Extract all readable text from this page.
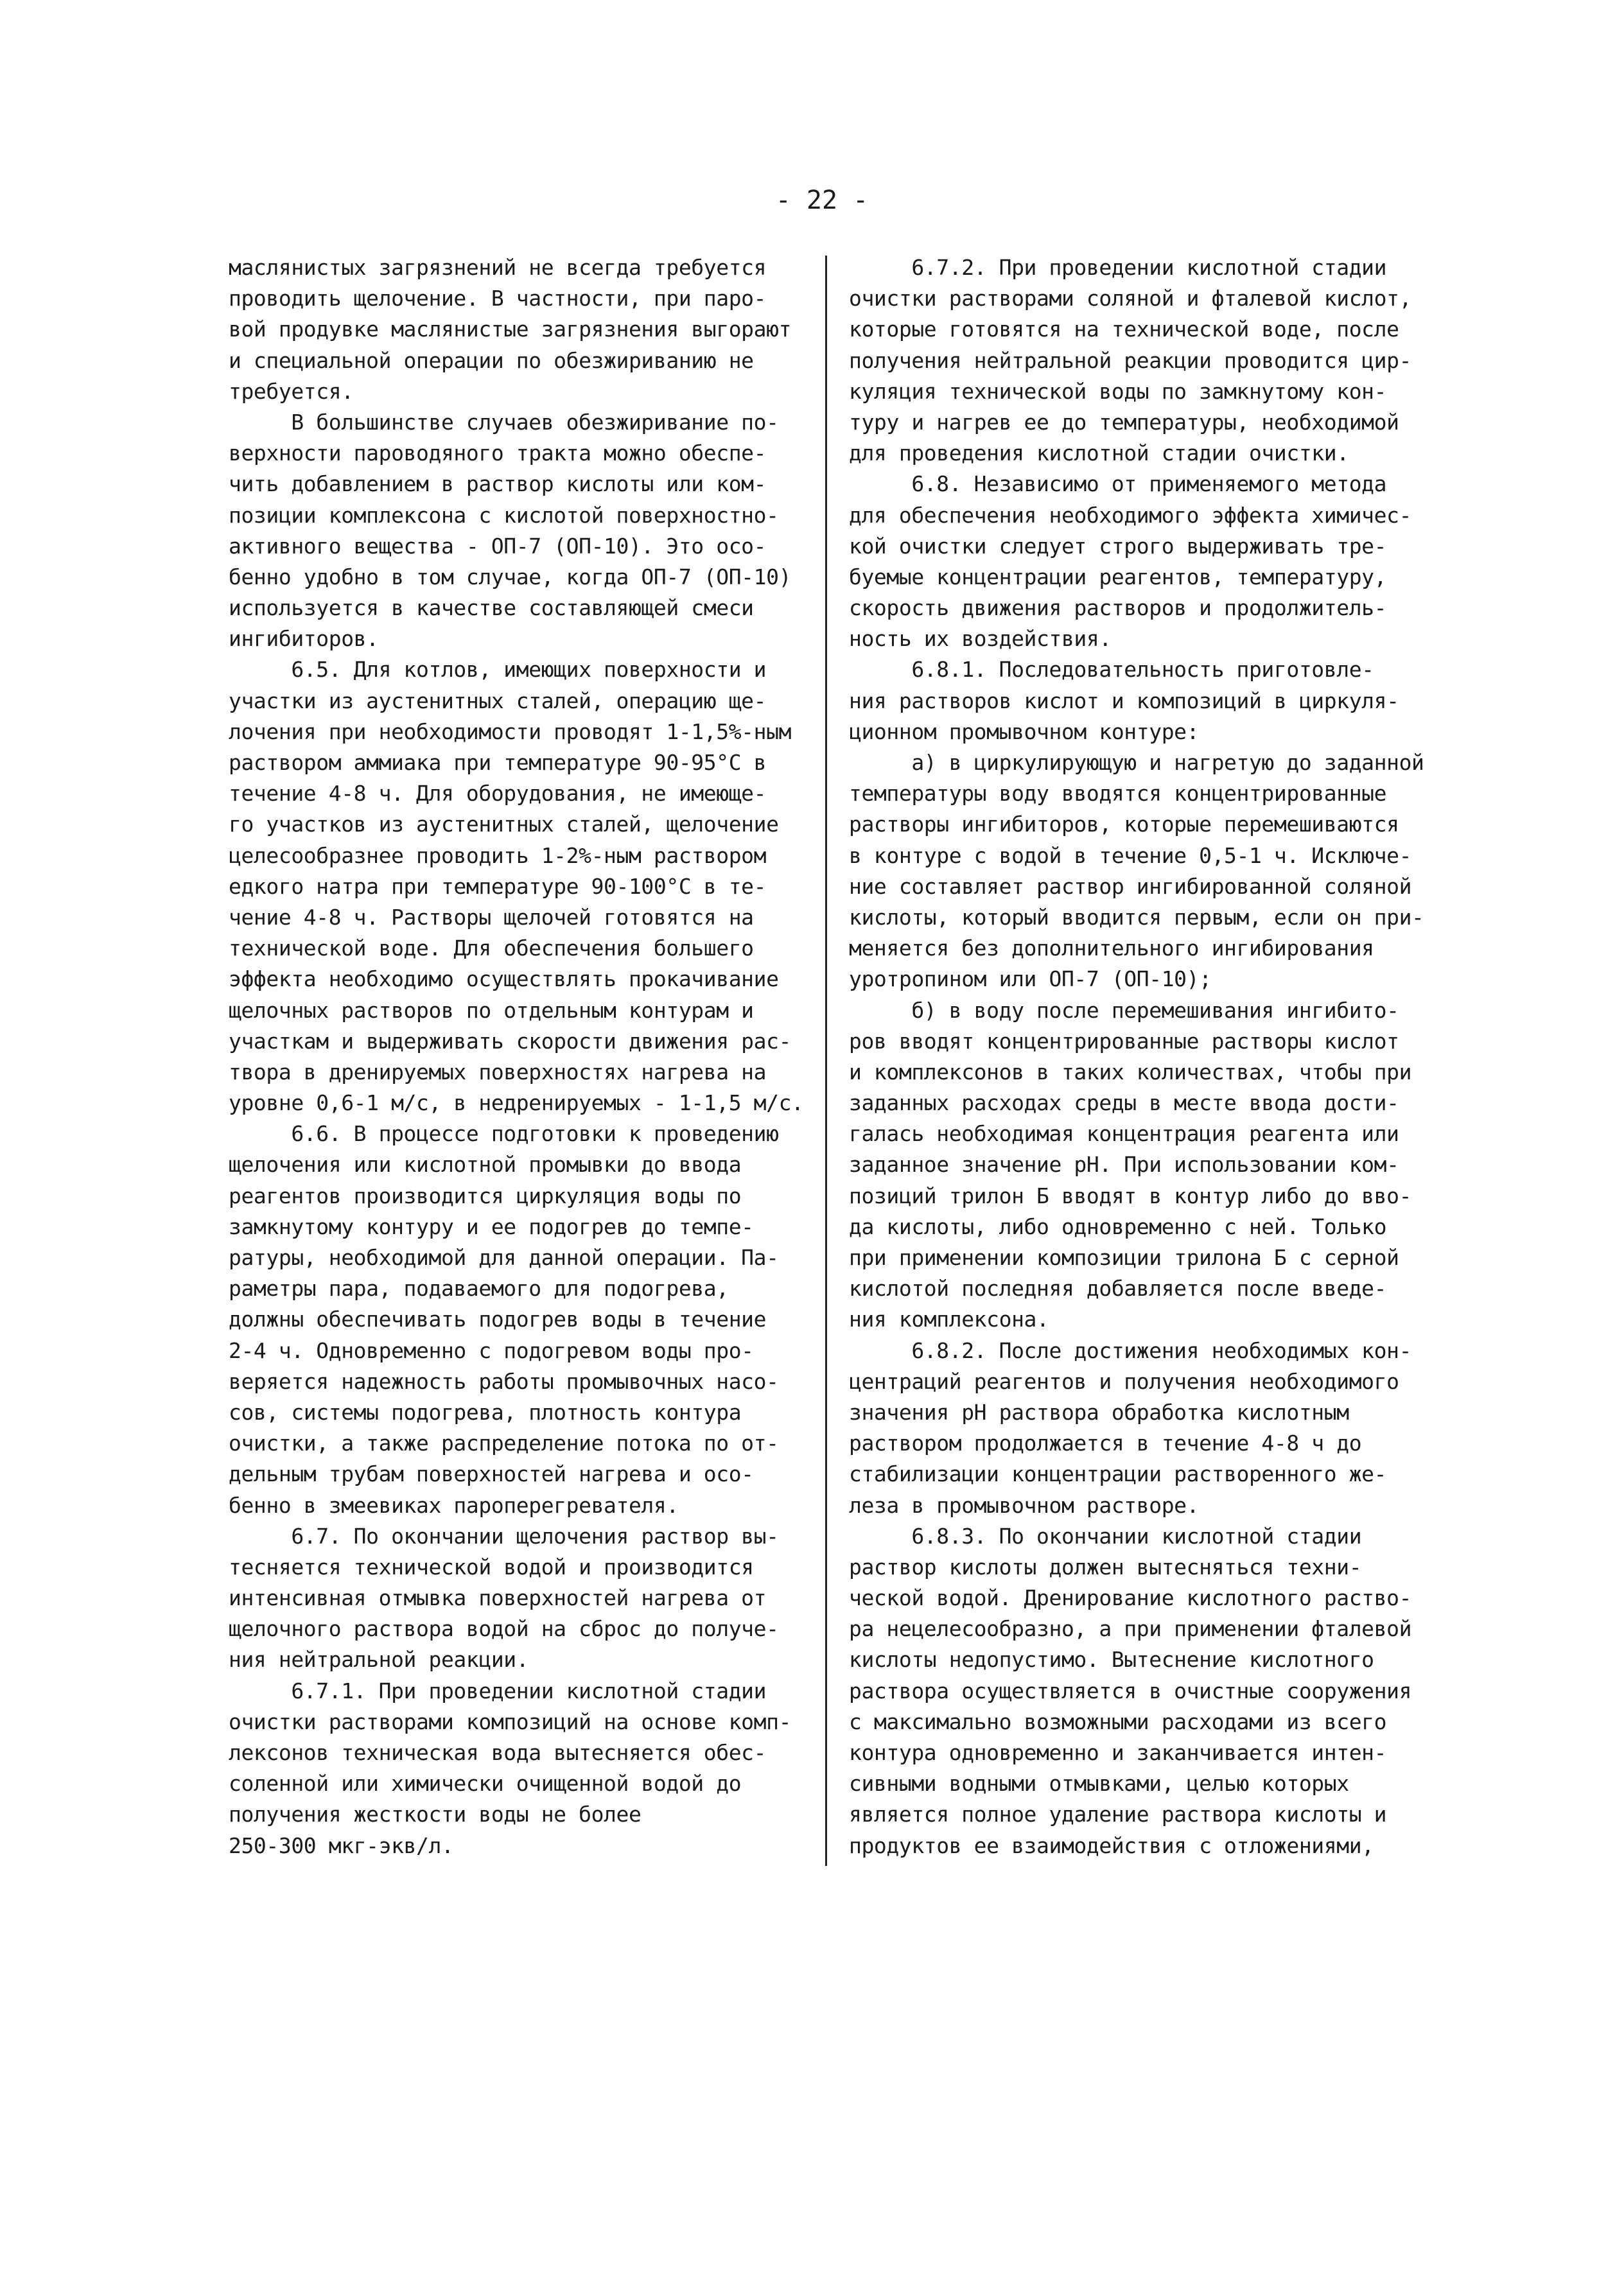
- 22 -
маслянистых загрязнений не всегда требуется
проводить щелочение. В частности, при паро-
вой продувке маслянистые загрязнения выгорают
и специальной операции по обезжириванию не
требуется.
В большинстве случаев обезжиривание по-
верхности пароводяного тракта можно обеспе-
чить добавлением в раствор кислоты или ком-
позиции комплексона с кислотой поверхностно-
активного вещества - ОП-7 (ОП-10). Это осо-
бенно удобно в том случае, когда ОП-7 (ОП-10)
используется в качестве составляющей смеси
ингибиторов.
6.5. Для котлов, имеющих поверхности и
участки из аустенитных сталей, операцию ще-
лочения при необходимости проводят 1-1,5%-ным
раствором аммиака при температуре 90-95°С в
течение 4-8 ч. Для оборудования, не имеюще-
го участков из аустенитных сталей, щелочение
целесообразнее проводить 1-2%-ным раствором
едкого натра при температуре 90-100°С в те-
чение 4-8 ч. Растворы щелочей готовятся на
технической воде. Для обеспечения большего
эффекта необходимо осуществлять прокачивание
щелочных растворов по отдельным контурам и
участкам и выдерживать скорости движения рас-
твора в дренируемых поверхностях нагрева на
уровне 0,6-1 м/с, в недренируемых - 1-1,5 м/с.
6.6. В процессе подготовки к проведению
щелочения или кислотной промывки до ввода
реагентов производится циркуляция воды по
замкнутому контуру и ее подогрев до темпе-
ратуры, необходимой для данной операции. Па-
раметры пара, подаваемого для подогрева,
должны обеспечивать подогрев воды в течение
2-4 ч. Одновременно с подогревом воды про-
веряется надежность работы промывочных насо-
сов, системы подогрева, плотность контура
очистки, а также распределение потока по от-
дельным трубам поверхностей нагрева и осо-
бенно в змеевиках пароперегревателя.
6.7. По окончании щелочения раствор вы-
тесняется технической водой и производится
интенсивная отмывка поверхностей нагрева от
щелочного раствора водой на сброс до получе-
ния нейтральной реакции.
6.7.1. При проведении кислотной стадии
очистки растворами композиций на основе комп-
лексонов техническая вода вытесняется обес-
соленной или химически очищенной водой до
получения жесткости воды не более
250-300 мкг-экв/л.
6.7.2. При проведении кислотной стадии
очистки растворами соляной и фталевой кислот,
которые готовятся на технической воде, после
получения нейтральной реакции проводится цир-
куляция технической воды по замкнутому кон-
туру и нагрев ее до температуры, необходимой
для проведения кислотной стадии очистки.
6.8. Независимо от применяемого метода
для обеспечения необходимого эффекта химичес-
кой очистки следует строго выдерживать тре-
буемые концентрации реагентов, температуру,
скорость движения растворов и продолжитель-
ность их воздействия.
6.8.1. Последовательность приготовле-
ния растворов кислот и композиций в циркуля-
ционном промывочном контуре:
а) в циркулирующую и нагретую до заданной
температуры воду вводятся концентрированные
растворы ингибиторов, которые перемешиваются
в контуре с водой в течение 0,5-1 ч. Исключе-
ние составляет раствор ингибированной соляной
кислоты, который вводится первым, если он при-
меняется без дополнительного ингибирования
уротропином или ОП-7 (ОП-10);
б) в воду после перемешивания ингибито-
ров вводят концентрированные растворы кислот
и комплексонов в таких количествах, чтобы при
заданных расходах среды в месте ввода дости-
галась необходимая концентрация реагента или
заданное значение рН. При использовании ком-
позиций трилон Б вводят в контур либо до вво-
да кислоты, либо одновременно с ней. Только
при применении композиции трилона Б с серной
кислотой последняя добавляется после введе-
ния комплексона.
6.8.2. После достижения необходимых кон-
центраций реагентов и получения необходимого
значения рН раствора обработка кислотным
раствором продолжается в течение 4-8 ч до
стабилизации концентрации растворенного же-
леза в промывочном растворе.
6.8.3. По окончании кислотной стадии
раствор кислоты должен вытесняться техни-
ческой водой. Дренирование кислотного раство-
ра нецелесообразно, а при применении фталевой
кислоты недопустимо. Вытеснение кислотного
раствора осуществляется в очистные сооружения
с максимально возможными расходами из всего
контура одновременно и заканчивается интен-
сивными водными отмывками, целью которых
является полное удаление раствора кислоты и
продуктов ее взаимодействия с отложениями,
